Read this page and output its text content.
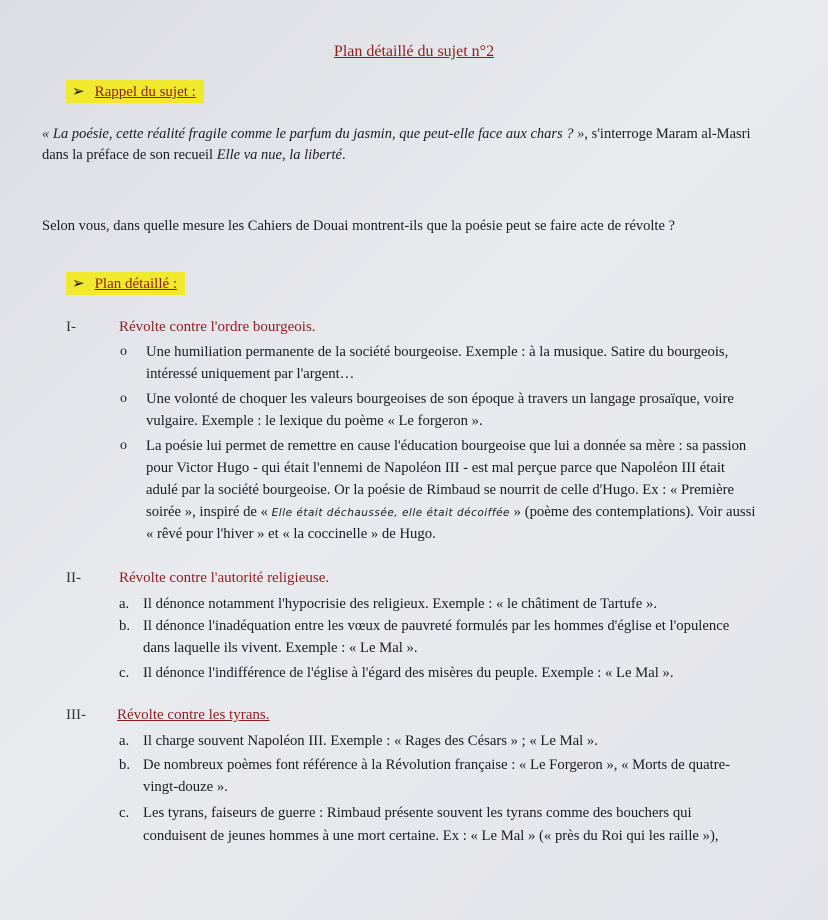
Plan détaillé du sujet n°2
➢ Rappel du sujet :
« La poésie, cette réalité fragile comme le parfum du jasmin, que peut-elle face aux chars ? », s'interroge Maram al-Masri
dans la préface de son recueil Elle va nue, la liberté.
Selon vous, dans quelle mesure les Cahiers de Douai montrent-ils que la poésie peut se faire acte de révolte ?
➢ Plan détaillé :
I-	Révolte contre l'ordre bourgeois.
o Une humiliation permanente de la société bourgeoise. Exemple : à la musique. Satire du bourgeois,
intéressé uniquement par l'argent…
o Une volonté de choquer les valeurs bourgeoises de son époque à travers un langage prosaïque, voire
vulgaire. Exemple : le lexique du poème « Le forgeron ».
o La poésie lui permet de remettre en cause l'éducation bourgeoise que lui a donnée sa mère : sa passion
pour Victor Hugo - qui était l'ennemi de Napoléon III - est mal perçue parce que Napoléon III était
adulé par la société bourgeoise. Or la poésie de Rimbaud se nourrit de celle d'Hugo. Ex : « Première
soirée », inspiré de « Elle était déchaussée, elle était décoiffée » (poème des contemplations). Voir aussi
« rêvé pour l'hiver » et « la coccinelle » de Hugo.
II-	Révolte contre l'autorité religieuse.
a. Il dénonce notamment l'hypocrisie des religieux. Exemple : « le châtiment de Tartufe ».
b. Il dénonce l'inadéquation entre les vœux de pauvreté formulés par les hommes d'église et l'opulence
dans laquelle ils vivent. Exemple : « Le Mal ».
c. Il dénonce l'indifférence de l'église à l'égard des misères du peuple. Exemple : « Le Mal ».
III- Révolte contre les tyrans.
a. Il charge souvent Napoléon III. Exemple : « Rages des Césars » ; « Le Mal ».
b. De nombreux poèmes font référence à la Révolution française : « Le Forgeron », « Morts de quatre-
vingt-douze ».
c. Les tyrans, faiseurs de guerre : Rimbaud présente souvent les tyrans comme des bouchers qui
conduisent de jeunes hommes à une mort certaine. Ex : « Le Mal » (« près du Roi qui les raille »),
